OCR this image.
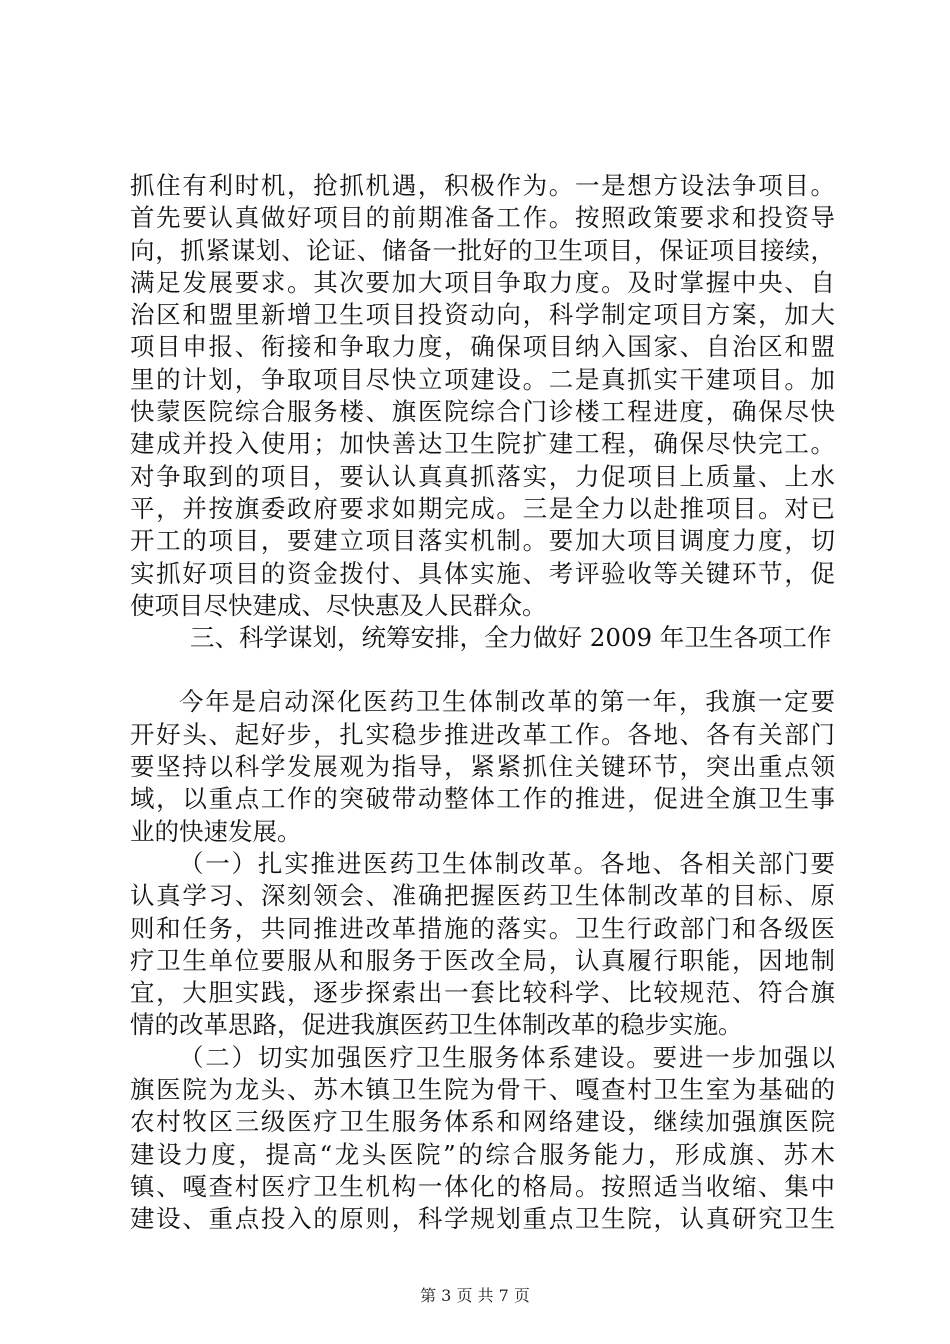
抓住有利时机，抢抓机遇，积极作为。一是想方设法争项目。
首先要认真做好项目的前期准备工作。按照政策要求和投资导
向，抓紧谋划、论证、储备一批好的卫生项目，保证项目接续，
满足发展要求。其次要加大项目争取力度。及时掌握中央、自
治区和盟里新增卫生项目投资动向，科学制定项目方案，加大
项目申报、衔接和争取力度，确保项目纳入国家、自治区和盟
里的计划，争取项目尽快立项建设。二是真抓实干建项目。加
快蒙医院综合服务楼、旗医院综合门诊楼工程进度，确保尽快
建成并投入使用；加快善达卫生院扩建工程，确保尽快完工。
对争取到的项目，要认认真真抓落实，力促项目上质量、上水
平，并按旗委政府要求如期完成。三是全力以赴推项目。对已
开工的项目，要建立项目落实机制。要加大项目调度力度，切
实抓好项目的资金拨付、具体实施、考评验收等关键环节，促
使项目尽快建成、尽快惠及人民群众。
三、科学谋划，统筹安排，全力做好 2009 年卫生各项工作
今年是启动深化医药卫生体制改革的第一年，我旗一定要
开好头、起好步，扎实稳步推进改革工作。各地、各有关部门
要坚持以科学发展观为指导，紧紧抓住关键环节，突出重点领
域，以重点工作的突破带动整体工作的推进，促进全旗卫生事
业的快速发展。
（一）扎实推进医药卫生体制改革。各地、各相关部门要
认真学习、深刻领会、准确把握医药卫生体制改革的目标、原
则和任务，共同推进改革措施的落实。卫生行政部门和各级医
疗卫生单位要服从和服务于医改全局，认真履行职能，因地制
宜，大胆实践，逐步探索出一套比较科学、比较规范、符合旗
情的改革思路，促进我旗医药卫生体制改革的稳步实施。
（二）切实加强医疗卫生服务体系建设。要进一步加强以
旗医院为龙头、苏木镇卫生院为骨干、嘎查村卫生室为基础的
农村牧区三级医疗卫生服务体系和网络建设，继续加强旗医院
建设力度，提高“龙头医院”的综合服务能力，形成旗、苏木
镇、嘎查村医疗卫生机构一体化的格局。按照适当收缩、集中
建设、重点投入的原则，科学规划重点卫生院，认真研究卫生
第 3 页 共 7 页
